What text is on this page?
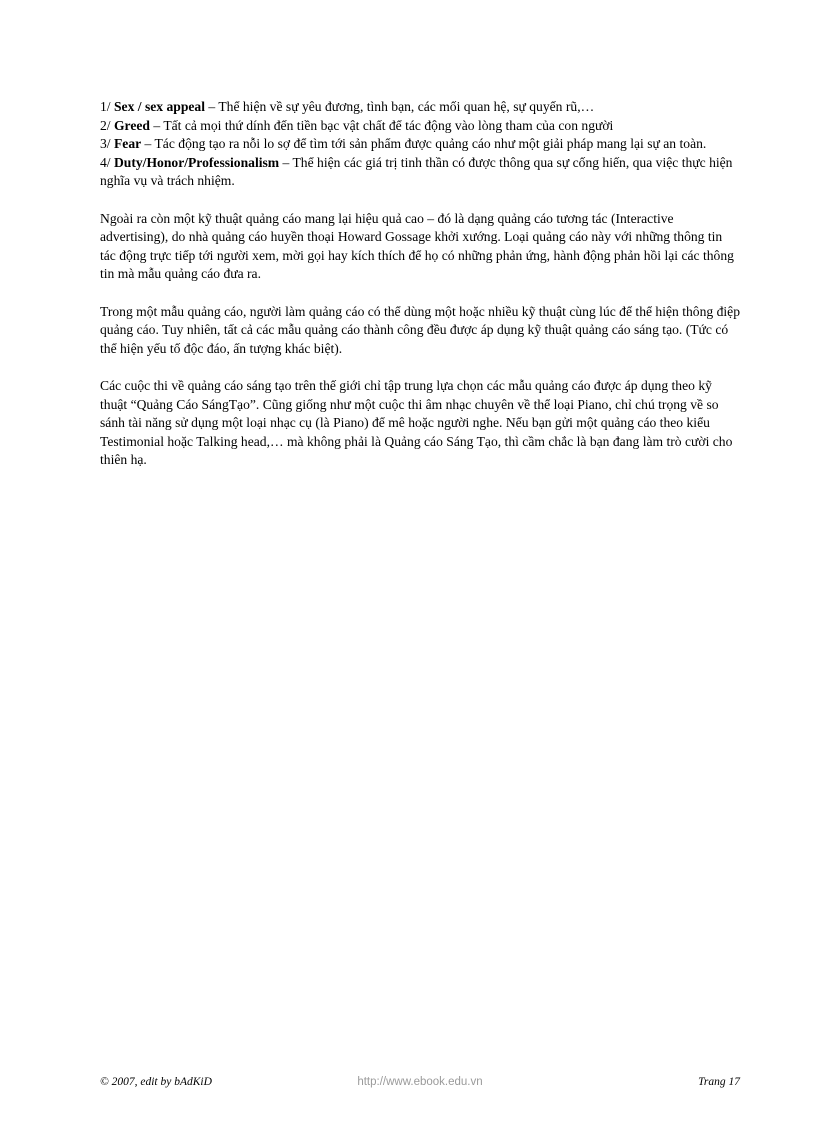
1/ Sex / sex appeal – Thể hiện về sự yêu đương, tình bạn, các mối quan hệ, sự quyến rũ,…
2/ Greed – Tất cả mọi thứ dính đến tiền bạc vật chất để tác động vào lòng tham của con người
3/ Fear – Tác động tạo ra nỗi lo sợ để tìm tới sản phẩm được quảng cáo như một giải pháp mang lại sự an toàn.
4/ Duty/Honor/Professionalism – Thể hiện các giá trị tinh thần có được thông qua sự cống hiến, qua việc thực hiện nghĩa vụ và trách nhiệm.

Ngoài ra còn một kỹ thuật quảng cáo mang lại hiệu quả cao – đó là dạng quảng cáo tương tác (Interactive advertising), do nhà quảng cáo huyền thoại Howard Gossage khởi xướng. Loại quảng cáo này với những thông tin tác động trực tiếp tới người xem, mời gọi hay kích thích để họ có những phản ứng, hành động phản hồi lại các thông tin mà mẫu quảng cáo đưa ra.

Trong một mẫu quảng cáo, người làm quảng cáo có thể dùng một hoặc nhiều kỹ thuật cùng lúc để thể hiện thông điệp quảng cáo. Tuy nhiên, tất cả các mẫu quảng cáo thành công đều được áp dụng kỹ thuật quảng cáo sáng tạo. (Tức có thể hiện yếu tố độc đáo, ấn tượng khác biệt).

Các cuộc thi về quảng cáo sáng tạo trên thế giới chỉ tập trung lựa chọn các mẫu quảng cáo được áp dụng theo kỹ thuật “Quảng Cáo SángTạo”. Cũng giống như một cuộc thi âm nhạc chuyên về thể loại Piano, chỉ chú trọng về so sánh tài năng sử dụng một loại nhạc cụ (là Piano) để mê hoặc người nghe. Nếu bạn gửi một quảng cáo theo kiểu Testimonial hoặc Talking head,… mà không phải là Quảng cáo Sáng Tạo, thì cầm chắc là bạn đang làm trò cười cho thiên hạ.

© 2007, edit by bAdKiD	http://www.ebook.edu.vn	Trang 17
